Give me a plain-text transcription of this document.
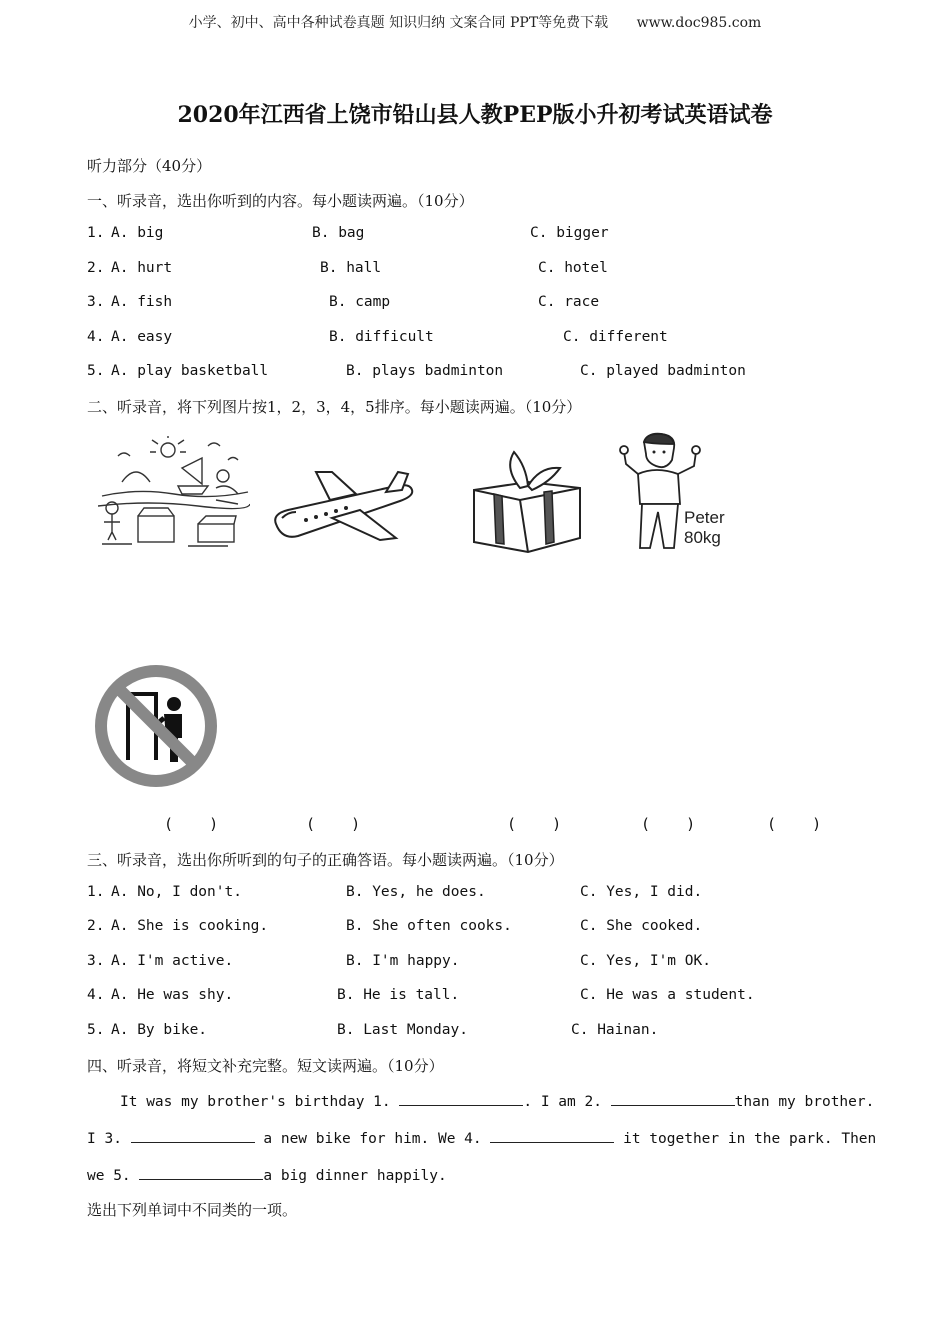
小学、初中、高中各种试卷真题 知识归纳 文案合同 PPT等免费下载 www.doc985.com
2020年江西省上饶市铅山县人教PEP版小升初考试英语试卷
听力部分（40分）
一、听录音，选出你听到的内容。每小题读两遍。（10分）
1. A. big	B. bag	C. bigger
2. A. hurt	B. hall	C. hotel
3. A. fish	B. camp	C. race
4. A. easy	B. difficult	C. different
5. A. play basketball	B. plays badminton	C. played badminton
二、听录音，将下列图片按1，2，3，4，5排序。每小题读两遍。（10分）
Peter
80kg
(    )	(    )	(    )	(    )	(    )
三、听录音，选出你所听到的句子的正确答语。每小题读两遍。（10分）
1. A. No, I don't.	B. Yes, he does.	C. Yes, I did.
2. A. She is cooking.	B. She often cooks.	C. She cooked.
3. A. I'm active.	B. I'm happy.	C. Yes, I'm OK.
4. A. He was shy.	B. He is tall.	C. He was a student.
5. A. By bike.	B. Last Monday.	C. Hainan.
四、听录音，将短文补充完整。短文读两遍。（10分）
It was my brother's birthday 1.	. I am 2.	than my brother.
I 3.	a new bike for him. We 4.	it together in the park. Then
we 5.	a big dinner happily.
选出下列单词中不同类的一项。
